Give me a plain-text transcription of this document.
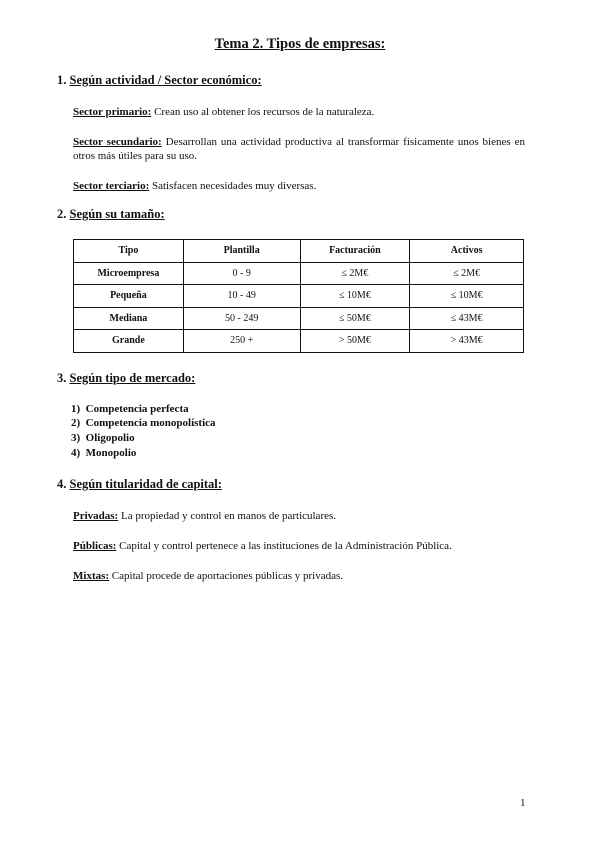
Tema 2. Tipos de empresas:
1. Según actividad / Sector económico:
Sector primario: Crean uso al obtener los recursos de la naturaleza.
Sector secundario: Desarrollan una actividad productiva al transformar físicamente unos bienes en otros más útiles para su uso.
Sector terciario: Satisfacen necesidades muy diversas.
2. Según su tamaño:
Tipo	Plantilla	Facturación	Activos
Microempresa	0 - 9	≤ 2M€	≤ 2M€
Pequeña	10 - 49	≤ 10M€	≤ 10M€
Mediana	50 - 249	≤ 50M€	≤ 43M€
Grande	250 +	> 50M€	> 43M€
3. Según tipo de mercado:
1) Competencia perfecta
2) Competencia monopolística
3) Oligopolio
4) Monopolio
4. Según titularidad de capital:
Privadas: La propiedad y control en manos de particulares.
Públicas: Capital y control pertenece a las instituciones de la Administración Pública.
Mixtas: Capital procede de aportaciones públicas y privadas.
1
